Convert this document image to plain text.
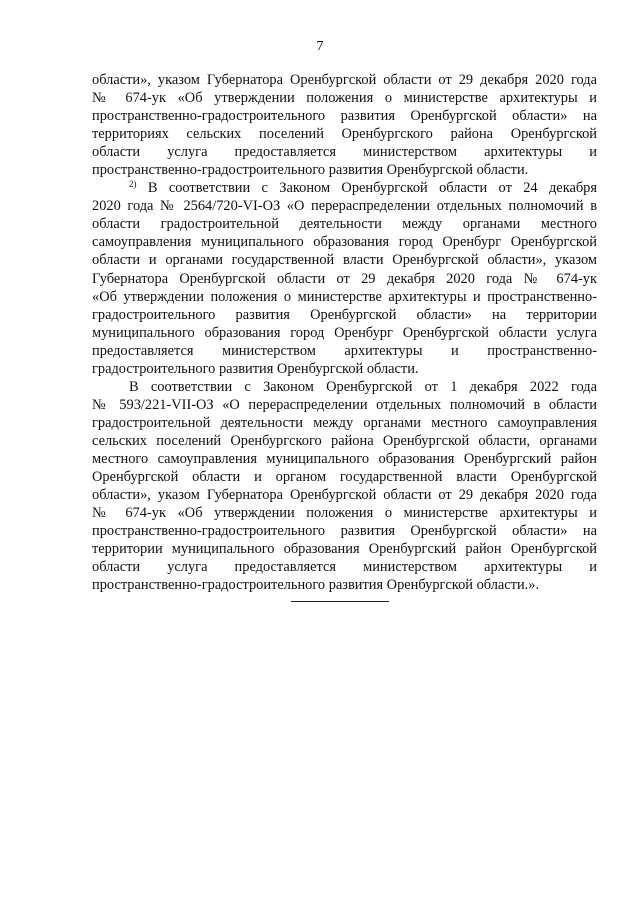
7

области», указом Губернатора Оренбургской области от 29 декабря 2020 года
№ 674-ук «Об утверждении положения о министерстве архитектуры и
пространственно-градостроительного развития Оренбургской области» на
территориях сельских поселений Оренбургского района Оренбургской
области услуга предоставляется министерством архитектуры и
пространственно-градостроительного развития Оренбургской области.

$^{2)}$ В соответствии с Законом Оренбургской области от 24 декабря
2020 года № 2564/720-VI-ОЗ «О перераспределении отдельных полномочий в
области градостроительной деятельности между органами местного
самоуправления муниципального образования город Оренбург Оренбургской
области и органами государственной власти Оренбургской области», указом
Губернатора Оренбургской области от 29 декабря 2020 года № 674-ук
«Об утверждении положения о министерстве архитектуры и пространственно-
градостроительного развития Оренбургской области» на территории
муниципального образования город Оренбург Оренбургской области услуга
предоставляется министерством архитектуры и пространственно-
градостроительного развития Оренбургской области.

В соответствии с Законом Оренбургской от 1 декабря 2022 года
№ 593/221-VII-ОЗ «О перераспределении отдельных полномочий в области
градостроительной деятельности между органами местного самоуправления
сельских поселений Оренбургского района Оренбургской области, органами
местного самоуправления муниципального образования Оренбургский район
Оренбургской области и органом государственной власти Оренбургской
области», указом Губернатора Оренбургской области от 29 декабря 2020 года
№ 674-ук «Об утверждении положения о министерстве архитектуры и
пространственно-градостроительного развития Оренбургской области» на
территории муниципального образования Оренбургский район Оренбургской
области услуга предоставляется министерством архитектуры и
пространственно-градостроительного развития Оренбургской области.».
